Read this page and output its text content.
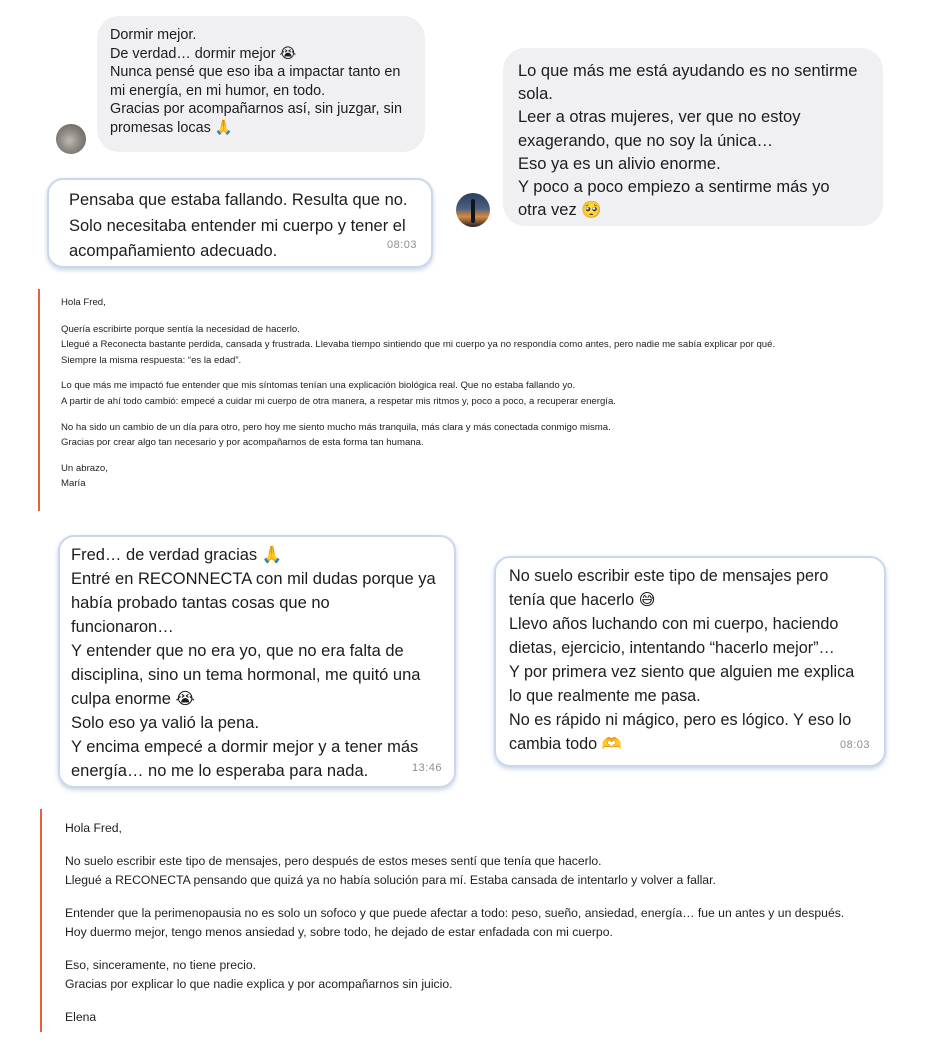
Dormir mejor.
De verdad… dormir mejor 😭
Nunca pensé que eso iba a impactar tanto en
mi energía, en mi humor, en todo.
Gracias por acompañarnos así, sin juzgar, sin
promesas locas 🙏
Lo que más me está ayudando es no sentirme
sola.
Leer a otras mujeres, ver que no estoy
exagerando, que no soy la única…
Eso ya es un alivio enorme.
Y poco a poco empiezo a sentirme más yo
otra vez 🥺
Pensaba que estaba fallando. Resulta que no.
Solo necesitaba entender mi cuerpo y tener el
acompañamiento adecuado.	08:03

Hola Fred,

Quería escribirte porque sentía la necesidad de hacerlo.
Llegué a Reconecta bastante perdida, cansada y frustrada. Llevaba tiempo sintiendo que mi cuerpo ya no respondía como antes, pero nadie me sabía explicar por qué.
Siempre la misma respuesta: “es la edad”.

Lo que más me impactó fue entender que mis síntomas tenían una explicación biológica real. Que no estaba fallando yo.
A partir de ahí todo cambió: empecé a cuidar mi cuerpo de otra manera, a respetar mis ritmos y, poco a poco, a recuperar energía.

No ha sido un cambio de un día para otro, pero hoy me siento mucho más tranquila, más clara y más conectada conmigo misma.
Gracias por crear algo tan necesario y por acompañarnos de esta forma tan humana.

Un abrazo,
María

Fred… de verdad gracias 🙏
Entré en RECONNECTA con mil dudas porque ya
había probado tantas cosas que no
funcionaron…
Y entender que no era yo, que no era falta de
disciplina, sino un tema hormonal, me quitó una
culpa enorme 😭
Solo eso ya valió la pena.
Y encima empecé a dormir mejor y a tener más
energía… no me lo esperaba para nada.	13:46
No suelo escribir este tipo de mensajes pero
tenía que hacerlo 😅
Llevo años luchando con mi cuerpo, haciendo
dietas, ejercicio, intentando “hacerlo mejor”…
Y por primera vez siento que alguien me explica
lo que realmente me pasa.
No es rápido ni mágico, pero es lógico. Y eso lo
cambia todo 🫶	08:03

Hola Fred,

No suelo escribir este tipo de mensajes, pero después de estos meses sentí que tenía que hacerlo.
Llegué a RECONECTA pensando que quizá ya no había solución para mí. Estaba cansada de intentarlo y volver a fallar.

Entender que la perimenopausia no es solo un sofoco y que puede afectar a todo: peso, sueño, ansiedad, energía… fue un antes y un después.
Hoy duermo mejor, tengo menos ansiedad y, sobre todo, he dejado de estar enfadada con mi cuerpo.

Eso, sinceramente, no tiene precio.
Gracias por explicar lo que nadie explica y por acompañarnos sin juicio.

Elena
